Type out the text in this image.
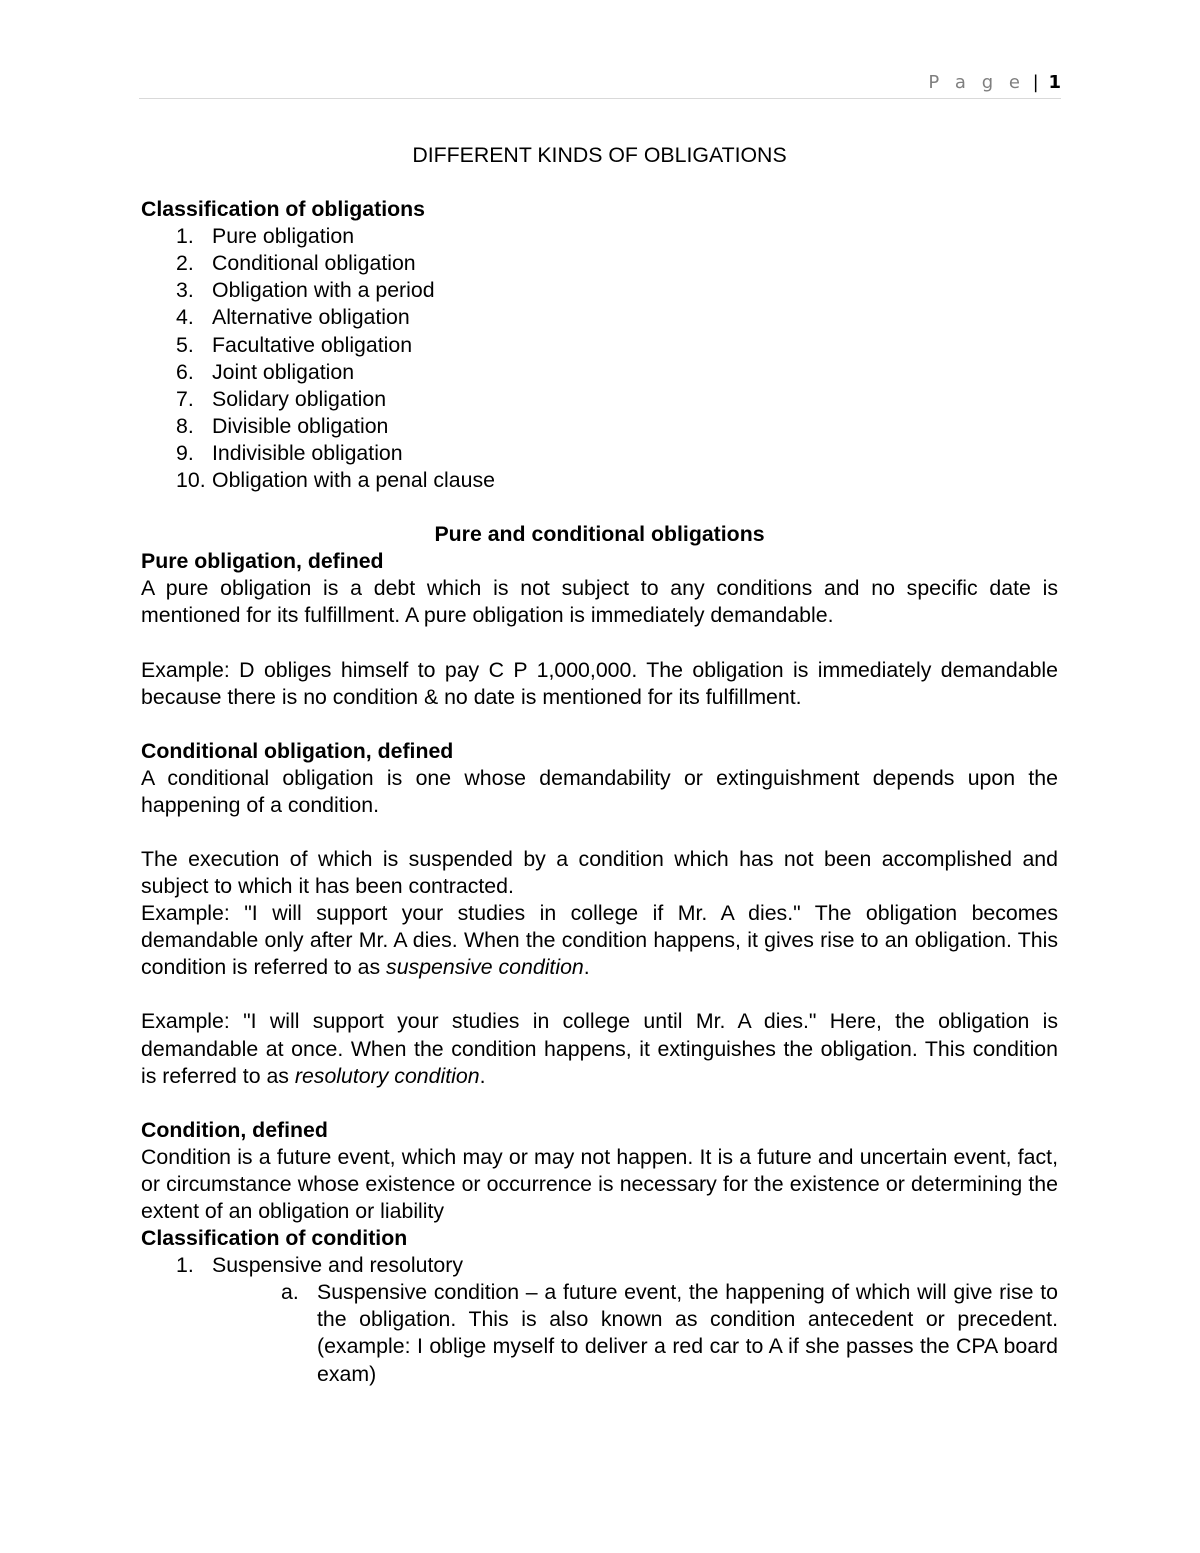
P a g e | 1
DIFFERENT KINDS OF OBLIGATIONS
Classification of obligations
1. Pure obligation
2. Conditional obligation
3. Obligation with a period
4. Alternative obligation
5. Facultative obligation
6. Joint obligation
7. Solidary obligation
8. Divisible obligation
9. Indivisible obligation
10. Obligation with a penal clause
Pure and conditional obligations
Pure obligation, defined
A pure obligation is a debt which is not subject to any conditions and no specific date is mentioned for its fulfillment. A pure obligation is immediately demandable.
Example: D obliges himself to pay C P 1,000,000. The obligation is immediately demandable because there is no condition & no date is mentioned for its fulfillment.
Conditional obligation, defined
A conditional obligation is one whose demandability or extinguishment depends upon the happening of a condition.
The execution of which is suspended by a condition which has not been accomplished and subject to which it has been contracted.
Example: "I will support your studies in college if Mr. A dies." The obligation becomes demandable only after Mr. A dies. When the condition happens, it gives rise to an obligation. This condition is referred to as suspensive condition.
Example: "I will support your studies in college until Mr. A dies." Here, the obligation is demandable at once. When the condition happens, it extinguishes the obligation. This condition is referred to as resolutory condition.
Condition, defined
Condition is a future event, which may or may not happen. It is a future and uncertain event, fact, or circumstance whose existence or occurrence is necessary for the existence or determining the extent of an obligation or liability
Classification of condition
1. Suspensive and resolutory
a. Suspensive condition – a future event, the happening of which will give rise to the obligation. This is also known as condition antecedent or precedent. (example: I oblige myself to deliver a red car to A if she passes the CPA board exam)
